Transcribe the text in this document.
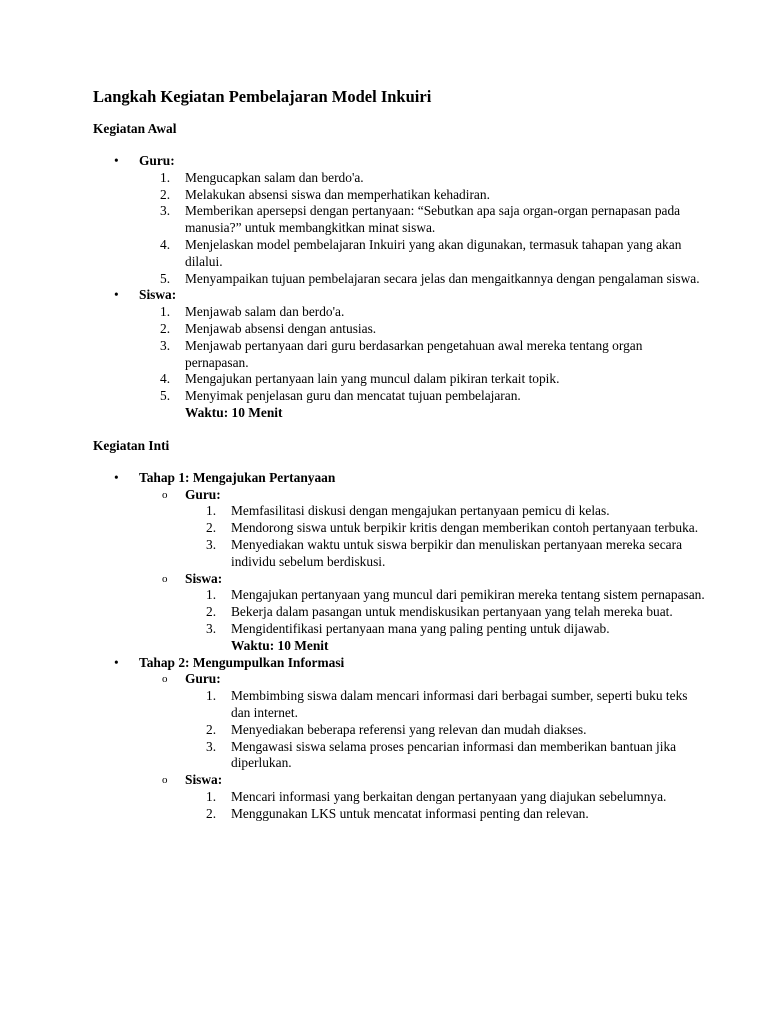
Langkah Kegiatan Pembelajaran Model Inkuiri
Kegiatan Awal
• Guru:
1. Mengucapkan salam dan berdo'a.
2. Melakukan absensi siswa dan memperhatikan kehadiran.
3. Memberikan apersepsi dengan pertanyaan: “Sebutkan apa saja organ-organ pernapasan pada manusia?” untuk membangkitkan minat siswa.
4. Menjelaskan model pembelajaran Inkuiri yang akan digunakan, termasuk tahapan yang akan dilalui.
5. Menyampaikan tujuan pembelajaran secara jelas dan mengaitkannya dengan pengalaman siswa.
• Siswa:
1. Menjawab salam dan berdo'a.
2. Menjawab absensi dengan antusias.
3. Menjawab pertanyaan dari guru berdasarkan pengetahuan awal mereka tentang organ pernapasan.
4. Mengajukan pertanyaan lain yang muncul dalam pikiran terkait topik.
5. Menyimak penjelasan guru dan mencatat tujuan pembelajaran.
Waktu: 10 Menit
Kegiatan Inti
• Tahap 1: Mengajukan Pertanyaan
o Guru:
1. Memfasilitasi diskusi dengan mengajukan pertanyaan pemicu di kelas.
2. Mendorong siswa untuk berpikir kritis dengan memberikan contoh pertanyaan terbuka.
3. Menyediakan waktu untuk siswa berpikir dan menuliskan pertanyaan mereka secara individu sebelum berdiskusi.
o Siswa:
1. Mengajukan pertanyaan yang muncul dari pemikiran mereka tentang sistem pernapasan.
2. Bekerja dalam pasangan untuk mendiskusikan pertanyaan yang telah mereka buat.
3. Mengidentifikasi pertanyaan mana yang paling penting untuk dijawab.
Waktu: 10 Menit
• Tahap 2: Mengumpulkan Informasi
o Guru:
1. Membimbing siswa dalam mencari informasi dari berbagai sumber, seperti buku teks dan internet.
2. Menyediakan beberapa referensi yang relevan dan mudah diakses.
3. Mengawasi siswa selama proses pencarian informasi dan memberikan bantuan jika diperlukan.
o Siswa:
1. Mencari informasi yang berkaitan dengan pertanyaan yang diajukan sebelumnya.
2. Menggunakan LKS untuk mencatat informasi penting dan relevan.
